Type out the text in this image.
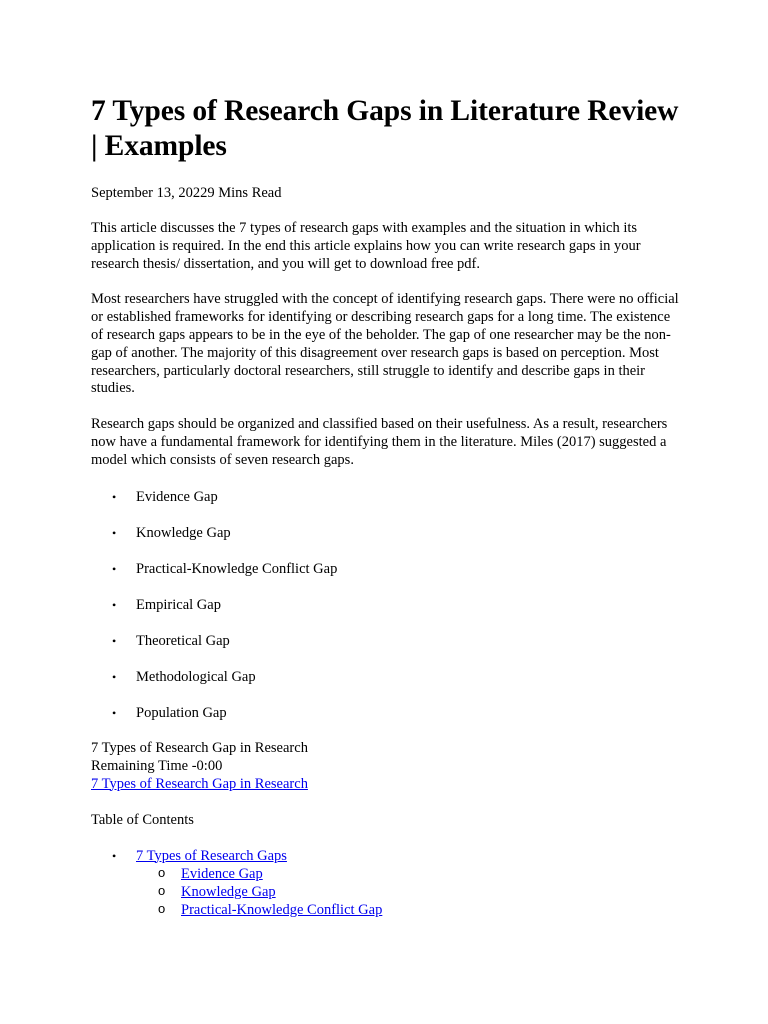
7 Types of Research Gaps in Literature Review | Examples
September 13, 20229 Mins Read

This article discusses the 7 types of research gaps with examples and the situation in which its application is required. In the end this article explains how you can write research gaps in your research thesis/ dissertation, and you will get to download free pdf.

Most researchers have struggled with the concept of identifying research gaps. There were no official or established frameworks for identifying or describing research gaps for a long time. The existence of research gaps appears to be in the eye of the beholder. The gap of one researcher may be the non-gap of another. The majority of this disagreement over research gaps is based on perception. Most researchers, particularly doctoral researchers, still struggle to identify and describe gaps in their studies.

Research gaps should be organized and classified based on their usefulness. As a result, researchers now have a fundamental framework for identifying them in the literature. Miles (2017) suggested a model which consists of seven research gaps.

• Evidence Gap
• Knowledge Gap
• Practical-Knowledge Conflict Gap
• Empirical Gap
• Theoretical Gap
• Methodological Gap
• Population Gap
7 Types of Research Gap in Research
Remaining Time -0:00
7 Types of Research Gap in Research
Table of Contents
• 7 Types of Research Gaps
o Evidence Gap
o Knowledge Gap
o Practical-Knowledge Conflict Gap
